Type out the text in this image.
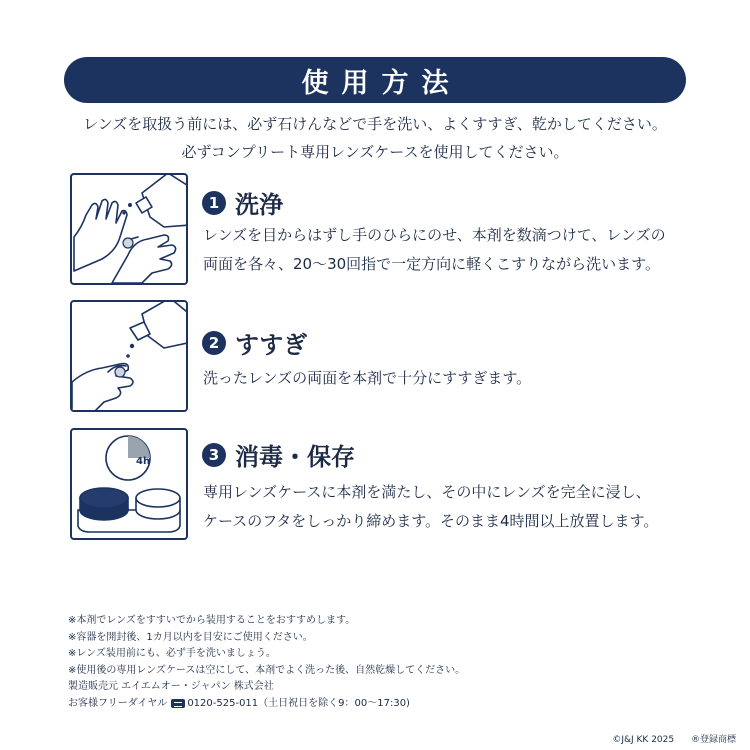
使用方法
レンズを取扱う前には、必ず石けんなどで手を洗い、よくすすぎ、乾かしてください。
必ずコンプリート専用レンズケースを使用してください。
1 洗浄
レンズを目からはずし手のひらにのせ、本剤を数滴つけて、レンズの
両面を各々、20〜30回指で一定方向に軽くこすりながら洗います。
2 すすぎ
洗ったレンズの両面を本剤で十分にすすぎます。
4h	3 消毒・保存
専用レンズケースに本剤を満たし、その中にレンズを完全に浸し、
ケースのフタをしっかり締めます。そのまま4時間以上放置します。
※本剤でレンズをすすいでから装用することをおすすめします。
※容器を開封後、1カ月以内を目安にご使用ください。
※レンズ装用前にも、必ず手を洗いましょう。
※使用後の専用レンズケースは空にして、本剤でよく洗った後、自然乾燥してください。
製造販売元 エイエムオー・ジャパン 株式会社
お客様フリーダイヤル 0120-525-011 （土日祝日を除く9：00〜17:30)
©J&J KK 2025 ®登録商標
